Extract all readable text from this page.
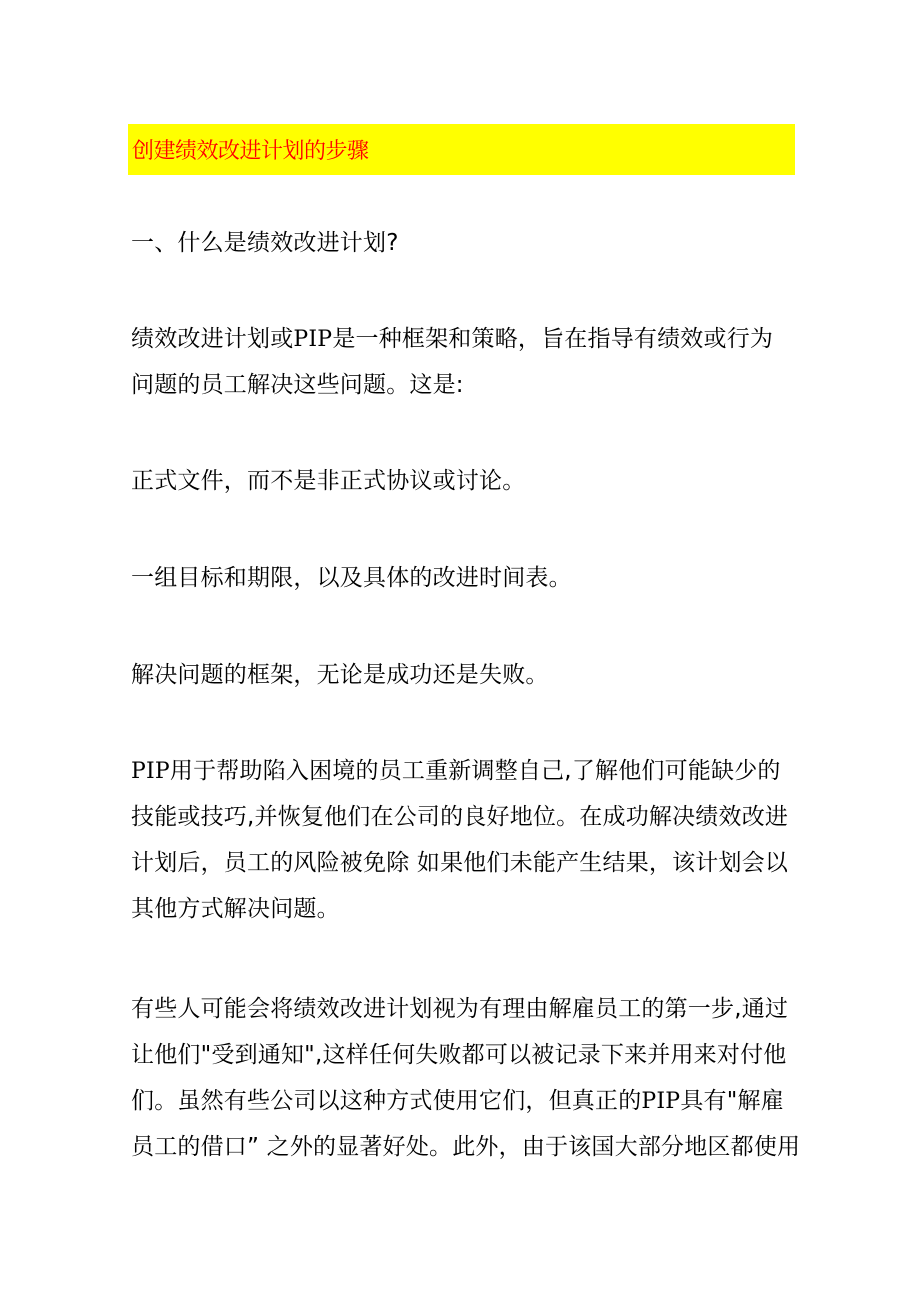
创建绩效改进计划的步骤
一、什么是绩效改进计划?
绩效改进计划或PIP是一种框架和策略，旨在指导有绩效或行为
问题的员工解决这些问题。这是:
正式文件，而不是非正式协议或讨论。
一组目标和期限，以及具体的改进时间表。
解决问题的框架，无论是成功还是失败。
PIP用于帮助陷入困境的员工重新调整自己,了解他们可能缺少的
技能或技巧,并恢复他们在公司的良好地位。在成功解决绩效改进
计划后，员工的风险被免除 如果他们未能产生结果，该计划会以
其他方式解决问题。
有些人可能会将绩效改进计划视为有理由解雇员工的第一步,通过
让他们"受到通知",这样任何失败都可以被记录下来并用来对付他
们。虽然有些公司以这种方式使用它们，但真正的PIP具有"解雇
员工的借口” 之外的显著好处。此外，由于该国大部分地区都使用
